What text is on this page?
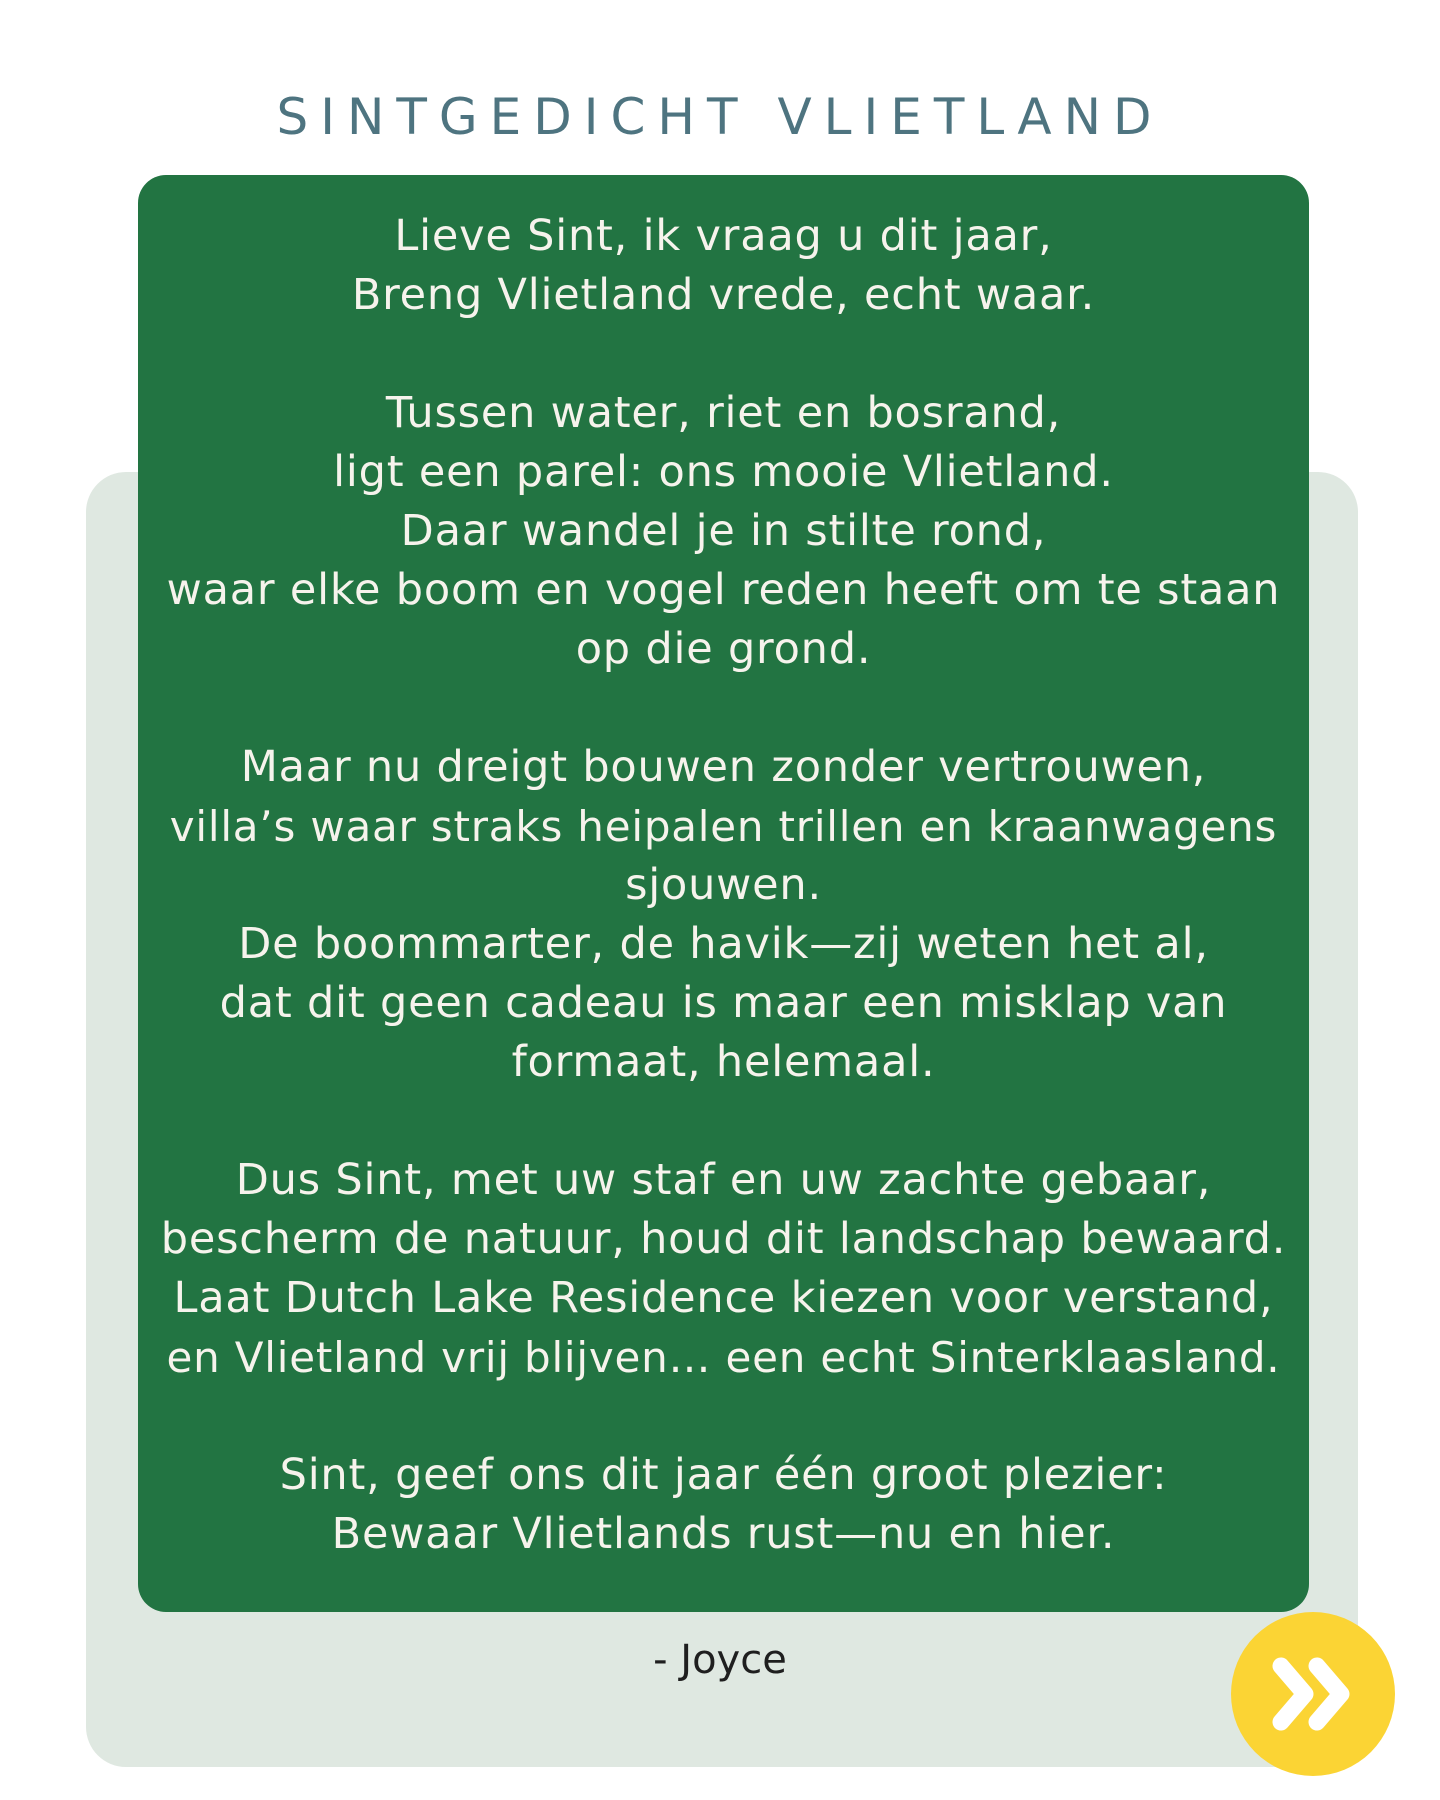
SINTGEDICHT VLIETLAND
Lieve Sint, ik vraag u dit jaar,
Breng Vlietland vrede, echt waar.
Tussen water, riet en bosrand,
ligt een parel: ons mooie Vlietland.
Daar wandel je in stilte rond,
waar elke boom en vogel reden heeft om te staan
op die grond.
Maar nu dreigt bouwen zonder vertrouwen,
villa’s waar straks heipalen trillen en kraanwagens
sjouwen.
De boommarter, de havik—zij weten het al,
dat dit geen cadeau is maar een misklap van
formaat, helemaal.
Dus Sint, met uw staf en uw zachte gebaar,
bescherm de natuur, houd dit landschap bewaard.
Laat Dutch Lake Residence kiezen voor verstand,
en Vlietland vrij blijven… een echt Sinterklaasland.
Sint, geef ons dit jaar één groot plezier:
Bewaar Vlietlands rust—nu en hier.
- Joyce
